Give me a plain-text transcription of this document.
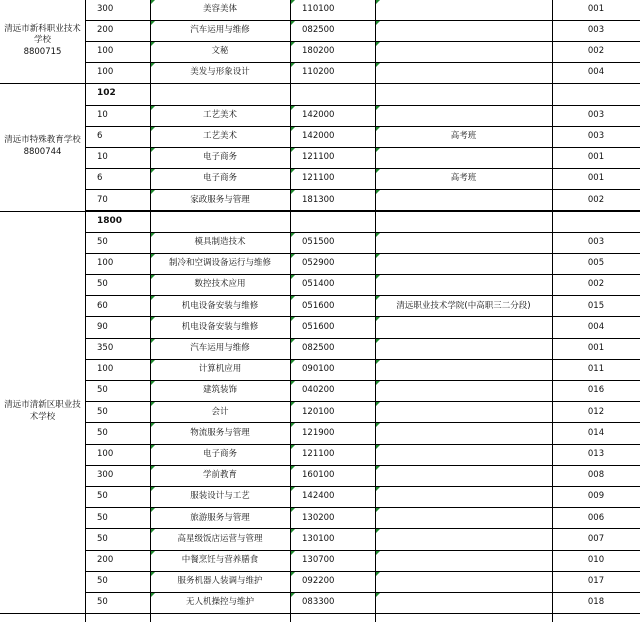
清远市新科职业技术
学校
8800715
300	美容美体	110100	001
200	汽车运用与维修	082500	003
100	文秘	180200	002
100	美发与形象设计	110200	004
清远市特殊教育学校
8800744
102
10	工艺美术	142000	003
6	工艺美术	142000	高考班	003
10	电子商务	121100	001
6	电子商务	121100	高考班	001
70	家政服务与管理	181300	002
清远市清新区职业技
术学校
1800
50	模具制造技术	051500	003
100	制冷和空调设备运行与维修	052900	005
50	数控技术应用	051400	002
60	机电设备安装与维修	051600	清远职业技术学院(中高职三二分段)	015
90	机电设备安装与维修	051600	004
350	汽车运用与维修	082500	001
100	计算机应用	090100	011
50	建筑装饰	040200	016
50	会计	120100	012
50	物流服务与管理	121900	014
100	电子商务	121100	013
300	学前教育	160100	008
50	服装设计与工艺	142400	009
50	旅游服务与管理	130200	006
50	高星级饭店运营与管理	130100	007
200	中餐烹饪与营养膳食	130700	010
50	服务机器人装调与维护	092200	017
50	无人机操控与维护	083300	018
